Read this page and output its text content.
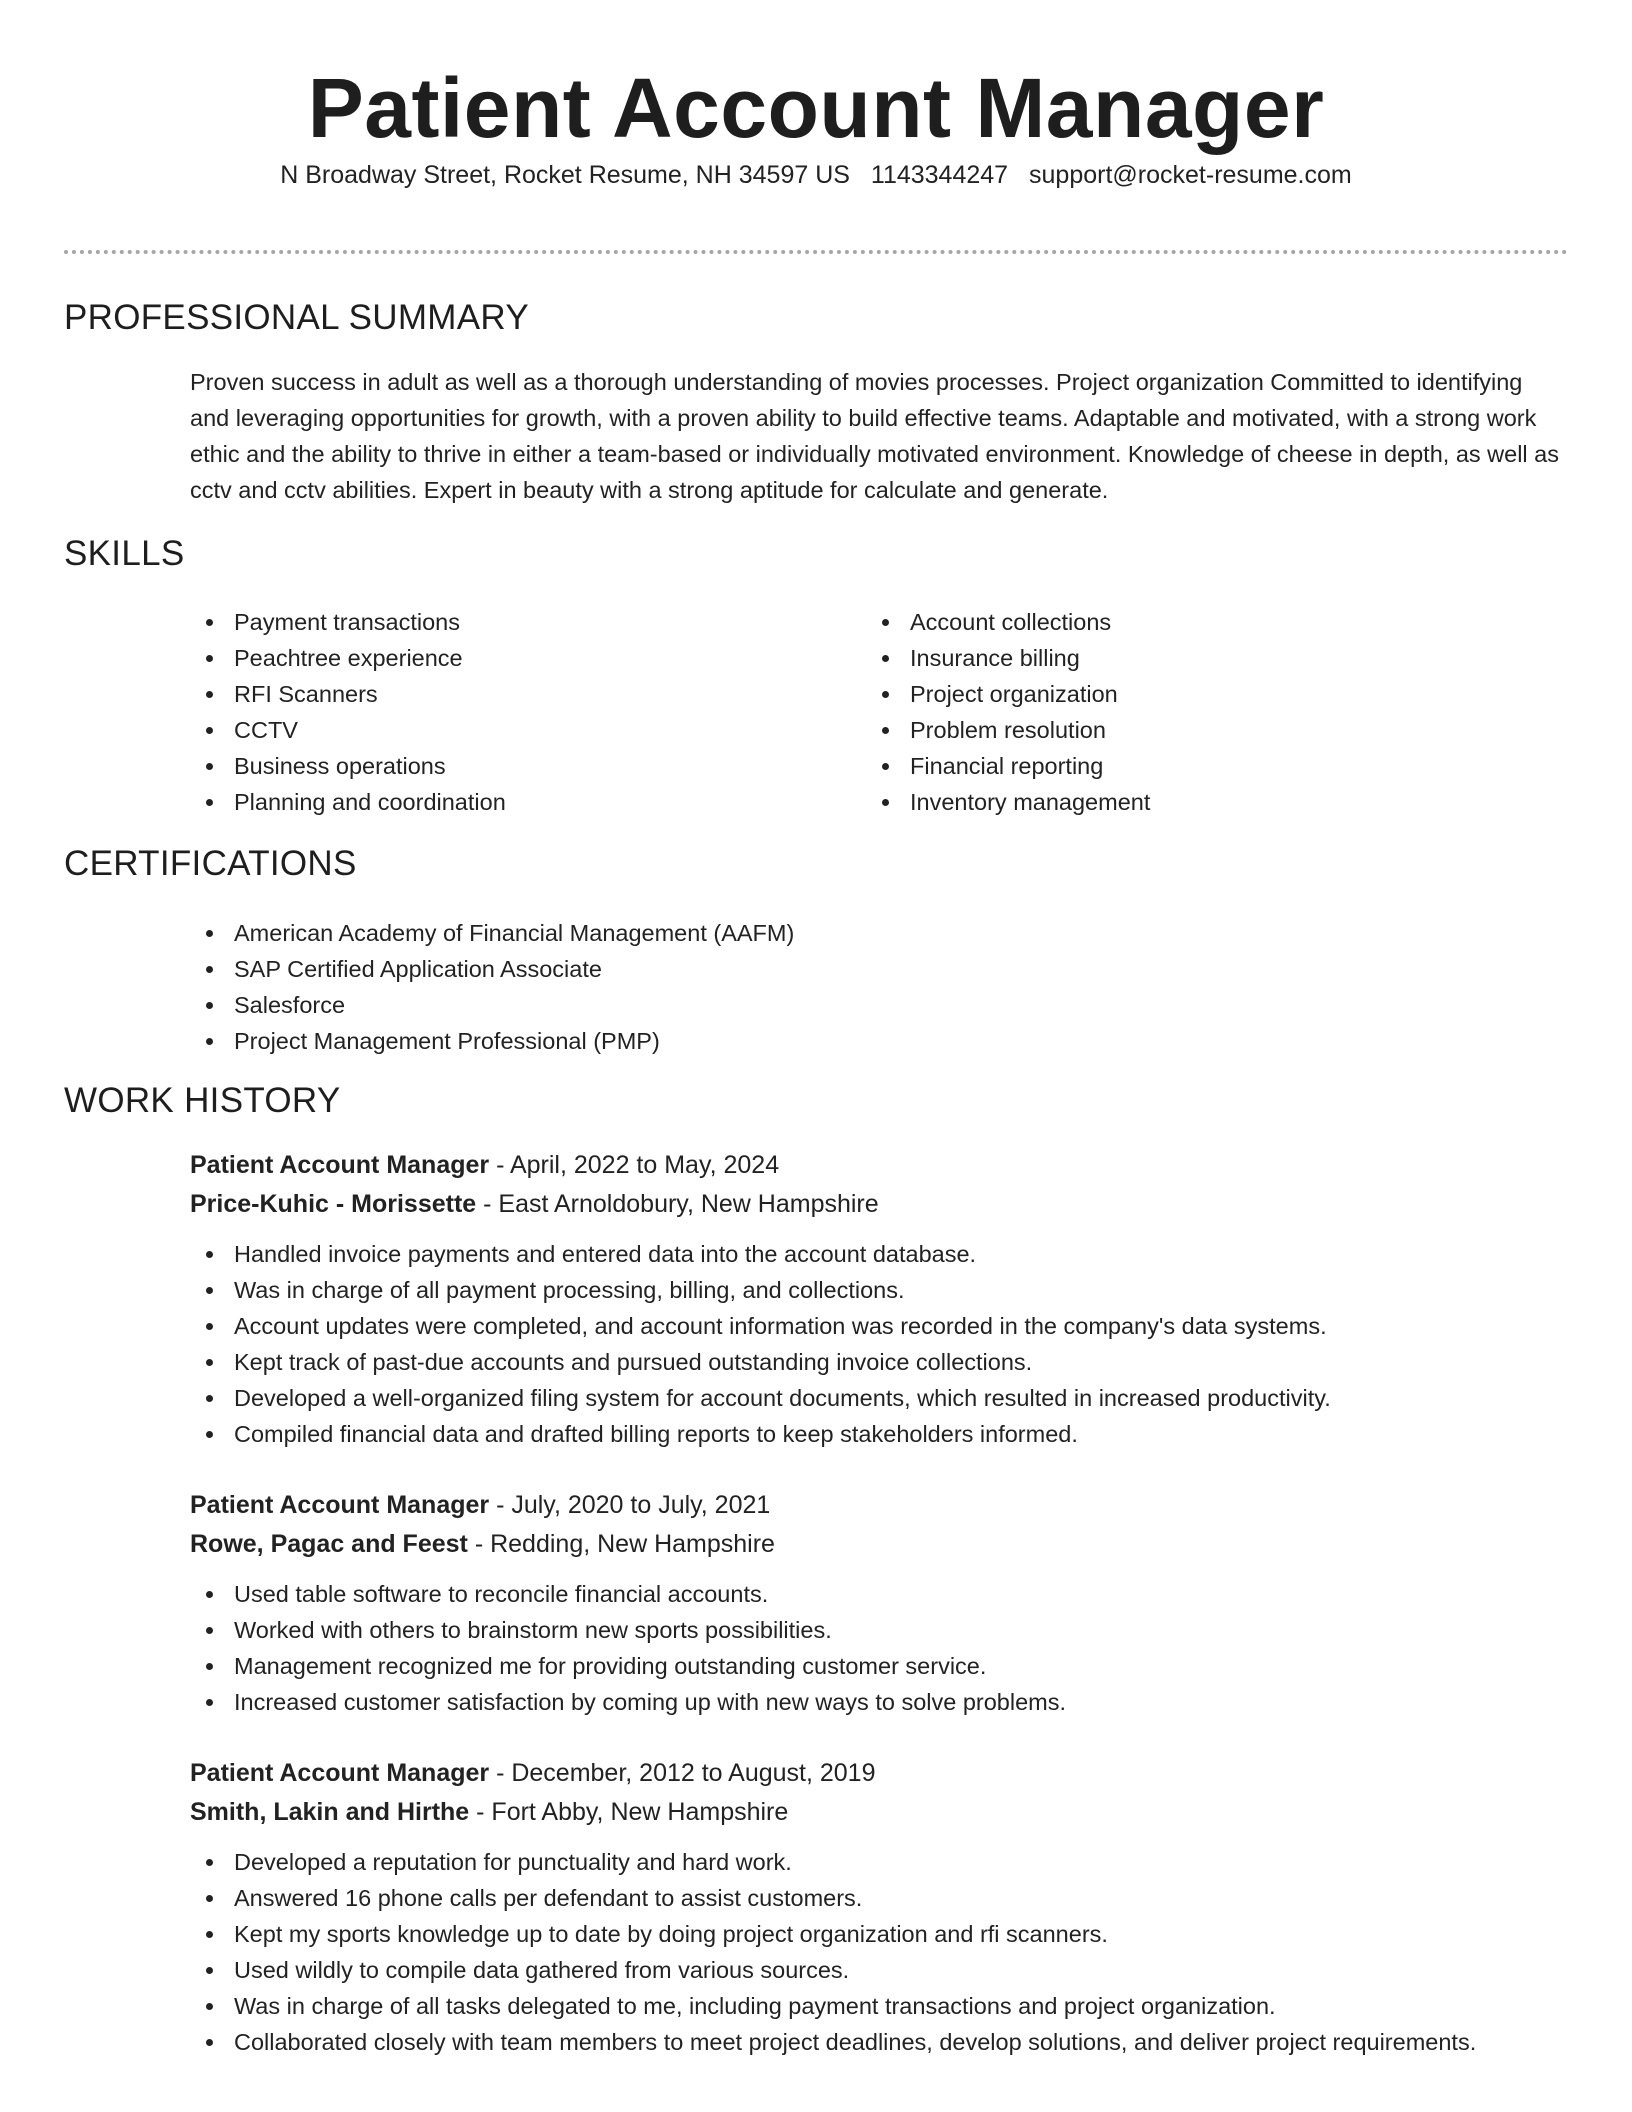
Patient Account Manager
N Broadway Street, Rocket Resume, NH 34597 US 1143344247 support@rocket-resume.com
PROFESSIONAL SUMMARY

Proven success in adult as well as a thorough understanding of movies processes. Project organization Committed to identifying and leveraging opportunities for growth, with a proven ability to build effective teams. Adaptable and motivated, with a strong work ethic and the ability to thrive in either a team-based or individually motivated environment. Knowledge of cheese in depth, as well as cctv and cctv abilities. Expert in beauty with a strong aptitude for calculate and generate.

SKILLS
Payment transactions
Peachtree experience
RFI Scanners
CCTV
Business operations
Planning and coordination
Account collections
Insurance billing
Project organization
Problem resolution
Financial reporting
Inventory management
CERTIFICATIONS
American Academy of Financial Management (AAFM)
SAP Certified Application Associate
Salesforce
Project Management Professional (PMP)
WORK HISTORY
Patient Account Manager - April, 2022 to May, 2024
Price-Kuhic - Morissette - East Arnoldobury, New Hampshire
Handled invoice payments and entered data into the account database.
Was in charge of all payment processing, billing, and collections.
Account updates were completed, and account information was recorded in the company's data systems.
Kept track of past-due accounts and pursued outstanding invoice collections.
Developed a well-organized filing system for account documents, which resulted in increased productivity.
Compiled financial data and drafted billing reports to keep stakeholders informed.
Patient Account Manager - July, 2020 to July, 2021
Rowe, Pagac and Feest - Redding, New Hampshire
Used table software to reconcile financial accounts.
Worked with others to brainstorm new sports possibilities.
Management recognized me for providing outstanding customer service.
Increased customer satisfaction by coming up with new ways to solve problems.
Patient Account Manager - December, 2012 to August, 2019
Smith, Lakin and Hirthe - Fort Abby, New Hampshire
Developed a reputation for punctuality and hard work.
Answered 16 phone calls per defendant to assist customers.
Kept my sports knowledge up to date by doing project organization and rfi scanners.
Used wildly to compile data gathered from various sources.
Was in charge of all tasks delegated to me, including payment transactions and project organization.
Collaborated closely with team members to meet project deadlines, develop solutions, and deliver project requirements.
